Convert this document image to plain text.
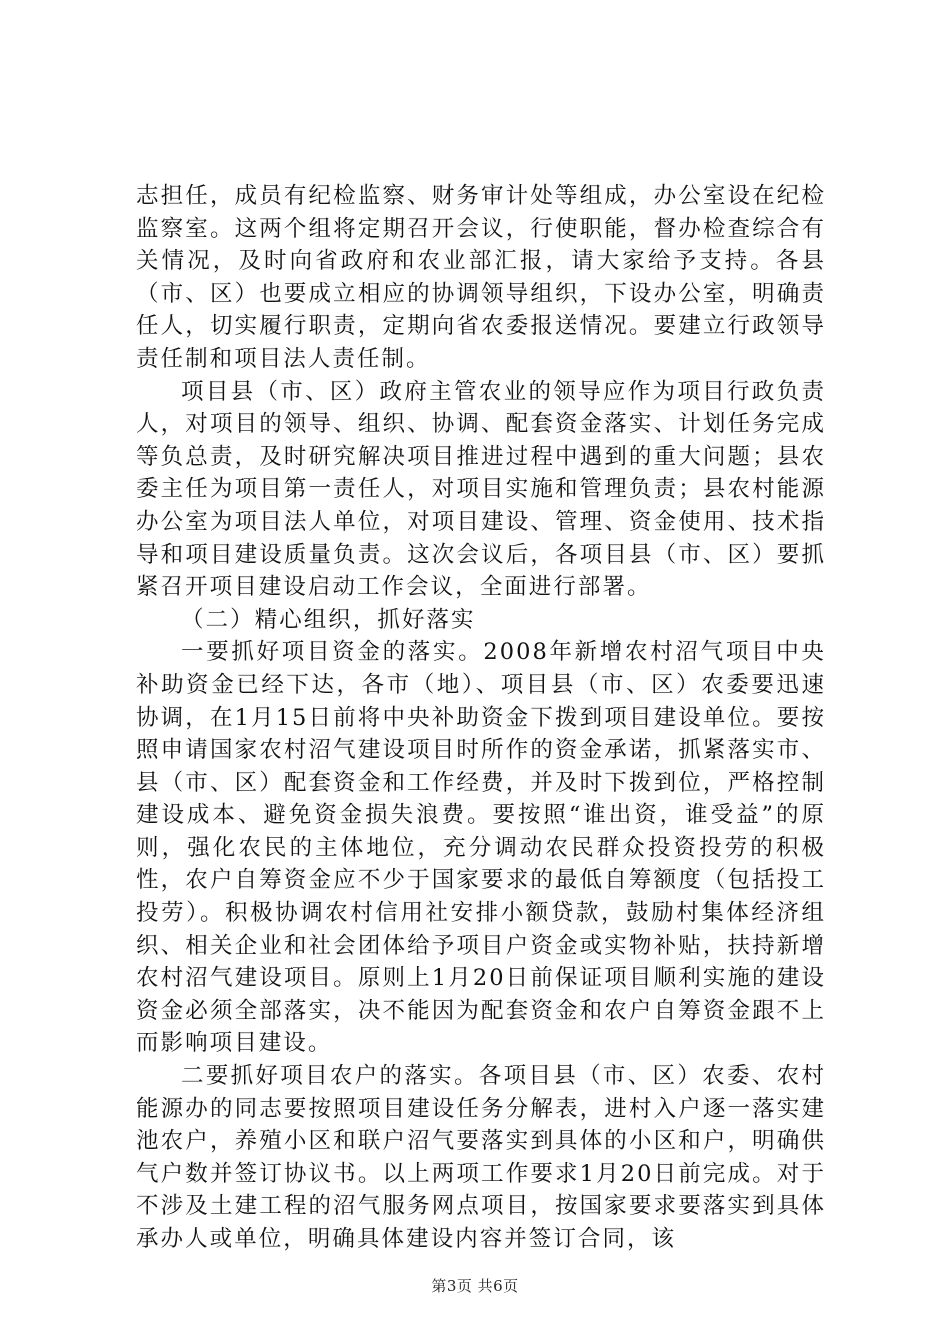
志担任，成员有纪检监察、财务审计处等组成，办公室设在纪检监察室。这两个组将定期召开会议，行使职能，督办检查综合有关情况，及时向省政府和农业部汇报，请大家给予支持。各县（市、区）也要成立相应的协调领导组织，下设办公室，明确责任人，切实履行职责，定期向省农委报送情况。要建立行政领导责任制和项目法人责任制。

项目县（市、区）政府主管农业的领导应作为项目行政负责人，对项目的领导、组织、协调、配套资金落实、计划任务完成等负总责，及时研究解决项目推进过程中遇到的重大问题；县农委主任为项目第一责任人，对项目实施和管理负责；县农村能源办公室为项目法人单位，对项目建设、管理、资金使用、技术指导和项目建设质量负责。这次会议后，各项目县（市、区）要抓紧召开项目建设启动工作会议，全面进行部署。

（二）精心组织，抓好落实

一要抓好项目资金的落实。2008年新增农村沼气项目中央补助资金已经下达，各市（地）、项目县（市、区）农委要迅速协调，在1月15日前将中央补助资金下拨到项目建设单位。要按照申请国家农村沼气建设项目时所作的资金承诺，抓紧落实市、县（市、区）配套资金和工作经费，并及时下拨到位，严格控制建设成本、避免资金损失浪费。要按照“谁出资，谁受益”的原则，强化农民的主体地位，充分调动农民群众投资投劳的积极性，农户自筹资金应不少于国家要求的最低自筹额度（包括投工投劳）。积极协调农村信用社安排小额贷款，鼓励村集体经济组织、相关企业和社会团体给予项目户资金或实物补贴，扶持新增农村沼气建设项目。原则上1月20日前保证项目顺利实施的建设资金必须全部落实，决不能因为配套资金和农户自筹资金跟不上而影响项目建设。

二要抓好项目农户的落实。各项目县（市、区）农委、农村能源办的同志要按照项目建设任务分解表，进村入户逐一落实建池农户，养殖小区和联户沼气要落实到具体的小区和户，明确供气户数并签订协议书。以上两项工作要求1月20日前完成。对于不涉及土建工程的沼气服务网点项目，按国家要求要落实到具体承办人或单位，明确具体建设内容并签订合同，该

第3页 共6页
